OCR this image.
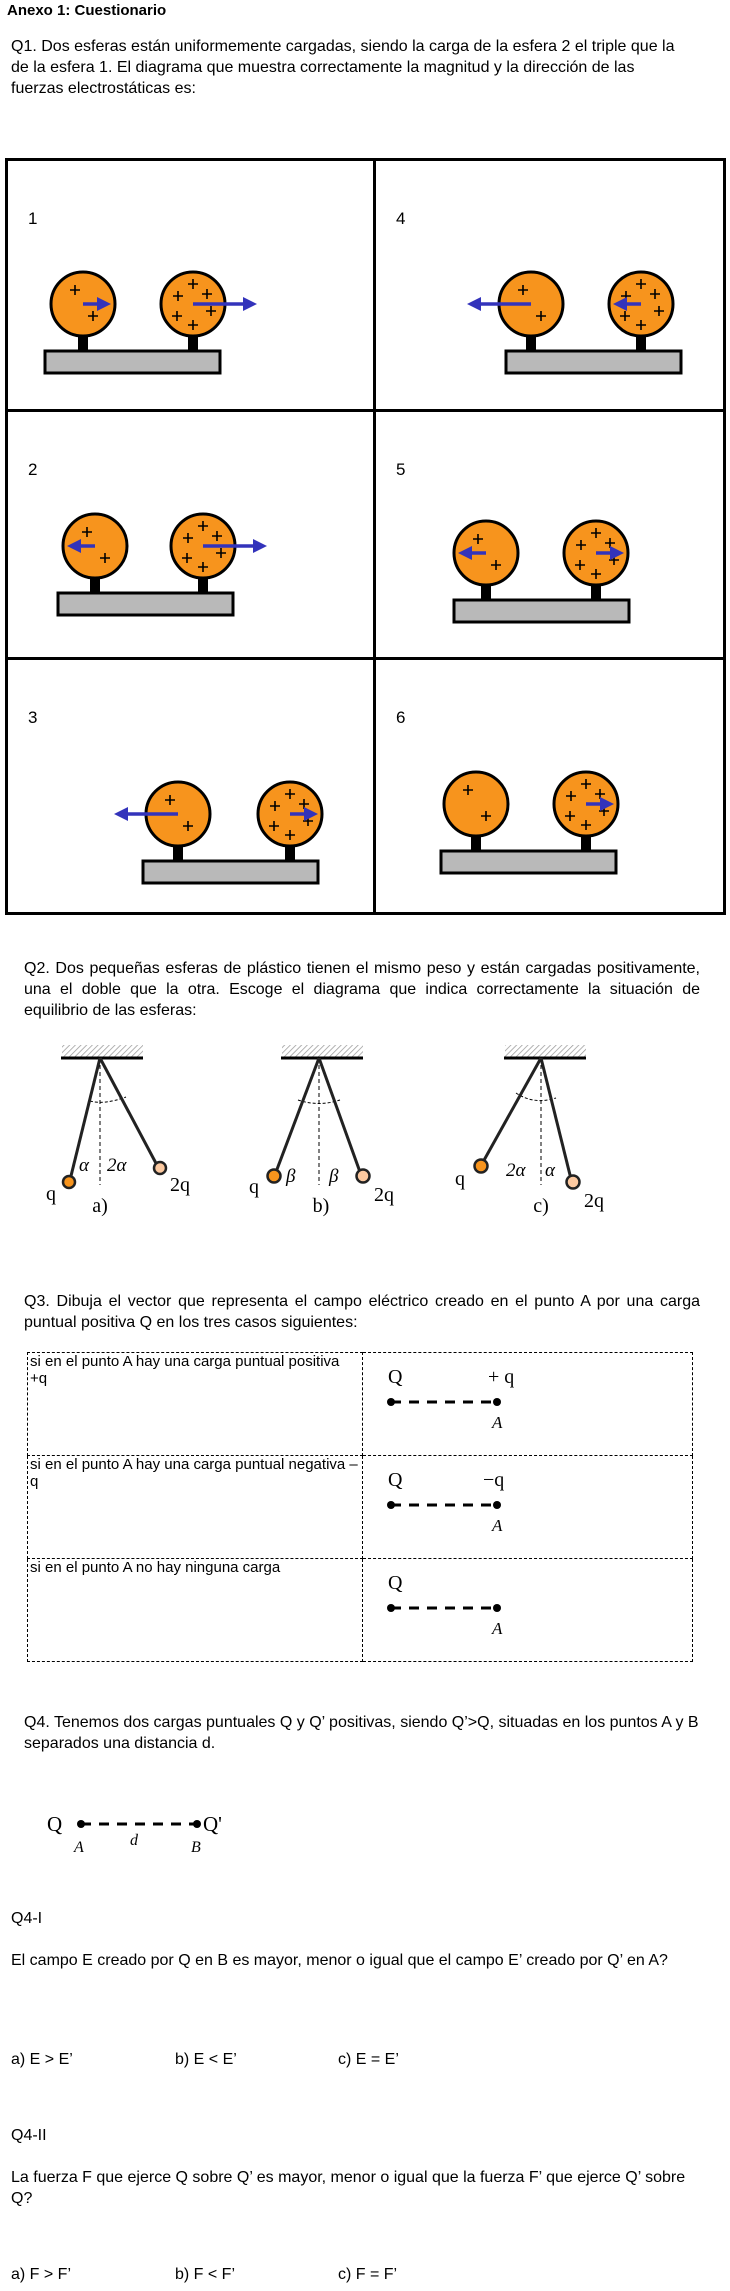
Anexo 1: Cuestionario
Q1. Dos esferas están uniformemente cargadas, siendo la carga de la esfera 2 el triple que la de la esfera 1. El diagrama que muestra correctamente la magnitud y la dirección de las fuerzas electrostáticas es:
1	4
2	5
3	6
Q2. Dos pequeñas esferas de plástico tienen el mismo peso y están cargadas positivamente, una el doble que la otra. Escoge el diagrama que indica correctamente la situación de equilibrio de las esferas:
α 2α
q	2q
a)
β β
q	2q
b)
2α α
q
2q
c)
Q3. Dibuja el vector que representa el campo eléctrico creado en el punto A por una carga puntual positiva Q en los tres casos siguientes:
si en el punto A hay una carga puntual positiva +q	Q + q
A

si en el punto A hay una carga puntual negativa –q	Q −q
A

si en el punto A no hay ninguna carga	Q
A
Q4. Tenemos dos cargas puntuales Q y Q’ positivas, siendo Q’>Q, situadas en los puntos A y B separados una distancia d.
Q	Q'
A	d	B
Q4-I
El campo E creado por Q en B es mayor, menor o igual que el campo E’ creado por Q’ en A?
a) E > E’	b) E < E’	c) E = E’
Q4-II
La fuerza F que ejerce Q sobre Q’ es mayor, menor o igual que la fuerza F’ que ejerce Q’ sobre Q?
a) F > F’	b) F < F’	c) F = F’
